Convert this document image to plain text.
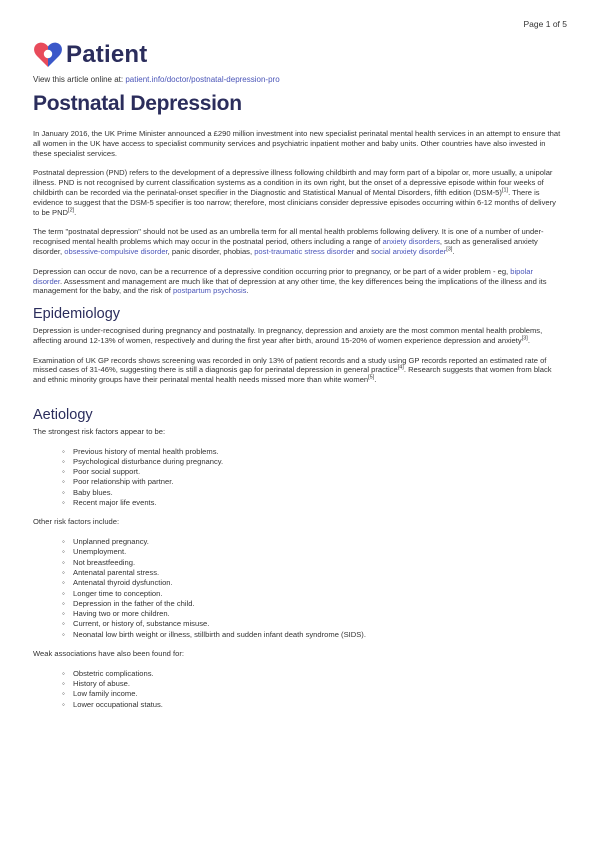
Page 1 of 5
Patient
View this article online at: patient.info/doctor/postnatal-depression-pro
Postnatal Depression

In January 2016, the UK Prime Minister announced a £290 million investment into new specialist perinatal mental health services in an attempt to ensure that all women in the UK have access to specialist community services and psychiatric inpatient mother and baby units. Other countries have also invested in these specialist services.

Postnatal depression (PND) refers to the development of a depressive illness following childbirth and may form part of a bipolar or, more usually, a unipolar illness. PND is not recognised by current classification systems as a condition in its own right, but the onset of a depressive episode within four weeks of childbirth can be recorded via the perinatal-onset specifier in the Diagnostic and Statistical Manual of Mental Disorders, fifth edition (DSM-5)[1]. There is evidence to suggest that the DSM-5 specifier is too narrow; therefore, most clinicians consider depressive episodes occurring within 6-12 months of delivery to be PND[2].

The term "postnatal depression" should not be used as an umbrella term for all mental health problems following delivery. It is one of a number of under-recognised mental health problems which may occur in the postnatal period, others including a range of anxiety disorders, such as generalised anxiety disorder, obsessive-compulsive disorder, panic disorder, phobias, post-traumatic stress disorder and social anxiety disorder[3].

Depression can occur de novo, can be a recurrence of a depressive condition occurring prior to pregnancy, or be part of a wider problem - eg, bipolar disorder. Assessment and management are much like that of depression at any other time, the key differences being the implications of the illness and its management for the baby, and the risk of postpartum psychosis.

Epidemiology

Depression is under-recognised during pregnancy and postnatally. In pregnancy, depression and anxiety are the most common mental health problems, affecting around 12-13% of women, respectively and during the first year after birth, around 15-20% of women experience depression and anxiety[3].

Examination of UK GP records shows screening was recorded in only 13% of patient records and a study using GP records reported an estimated rate of missed cases of 31-46%, suggesting there is still a diagnosis gap for perinatal depression in general practice[4]. Research suggests that women from black and ethnic minority groups have their perinatal mental health needs missed more than white women[5].

Aetiology

The strongest risk factors appear to be:

◦ Previous history of mental health problems.
◦ Psychological disturbance during pregnancy.
◦ Poor social support.
◦ Poor relationship with partner.
◦ Baby blues.
◦ Recent major life events.

Other risk factors include:

◦ Unplanned pregnancy.
◦ Unemployment.
◦ Not breastfeeding.
◦ Antenatal parental stress.
◦ Antenatal thyroid dysfunction.
◦ Longer time to conception.
◦ Depression in the father of the child.
◦ Having two or more children.
◦ Current, or history of, substance misuse.
◦ Neonatal low birth weight or illness, stillbirth and sudden infant death syndrome (SIDS).

Weak associations have also been found for:

◦ Obstetric complications.
◦ History of abuse.
◦ Low family income.
◦ Lower occupational status.
